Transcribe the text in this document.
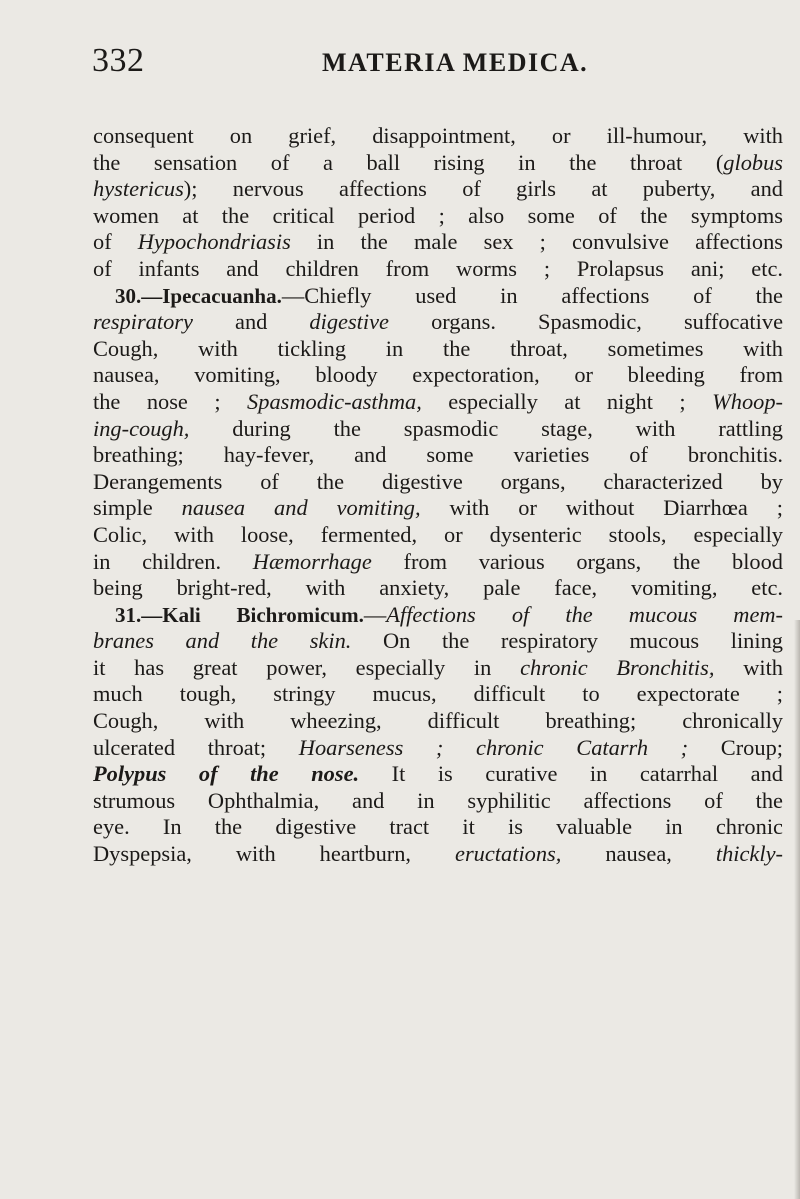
332	MATERIA MEDICA.
consequent on grief, disappointment, or ill-humour, with
the sensation of a ball rising in the throat (globus
hystericus); nervous affections of girls at puberty, and
women at the critical period ; also some of the symptoms
of Hypochondriasis in the male sex ; convulsive affections
of infants and children from worms ; Prolapsus ani; etc.
30.—Ipecacuanha.—Chiefly used in affections of the
respiratory and digestive organs. Spasmodic, suffocative
Cough, with tickling in the throat, sometimes with
nausea, vomiting, bloody expectoration, or bleeding from
the nose ; Spasmodic-asthma, especially at night ; Whoop-
ing-cough, during the spasmodic stage, with rattling
breathing; hay-fever, and some varieties of bronchitis.
Derangements of the digestive organs, characterized by
simple nausea and vomiting, with or without Diarrhœa ;
Colic, with loose, fermented, or dysenteric stools, especially
in children. Hæmorrhage from various organs, the blood
being bright-red, with anxiety, pale face, vomiting, etc.
31.—Kali Bichromicum.—Affections of the mucous mem-
branes and the skin. On the respiratory mucous lining
it has great power, especially in chronic Bronchitis, with
much tough, stringy mucus, difficult to expectorate ;
Cough, with wheezing, difficult breathing; chronically
ulcerated throat; Hoarseness ; chronic Catarrh ; Croup;
Polypus of the nose. It is curative in catarrhal and
strumous Ophthalmia, and in syphilitic affections of the
eye. In the digestive tract it is valuable in chronic
Dyspepsia, with heartburn, eructations, nausea, thickly-
